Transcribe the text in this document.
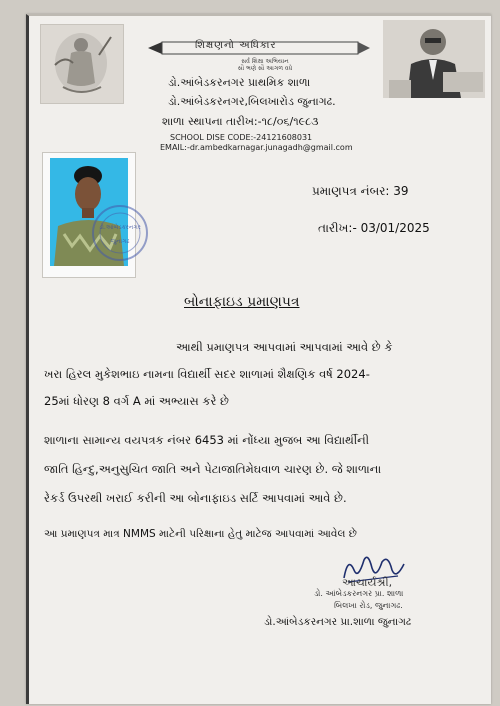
શિક્ષણનો અધિકાર
સર્વ શિક્ષા અભિયાન
સૌ ભણે સૌ આગળ વધે
ડો.આંબેડકરનગર પ્રાથમિક શાળા
ડો.આંબેડકરનગર,બિલખારોડ જુનાગઢ.
શાળા સ્થાપના તારીખ:-૧૮/૦૬/૧૯૮૩
SCHOOL DISE CODE:-24121608031
EMAIL:-dr.ambedkarnagar.junagadh@gmail.com
ડો.આંબેડકરનગર
જુનાગઢ
પ્રમાણપત્ર નંબર: 39
તારીખ:- 03/01/2025
બોનાફાઇડ પ્રમાણપત્ર
આથી પ્રમાણપત્ર આપવામાં આપવામાં આવે છે કે
ખરા હિરલ મુકેશભાઇ નામના વિદ્યાર્થી સદર શાળામાં શૈક્ષણિક વર્ષ 2024-
25માં ધોરણ 8 વર્ગ A માં અભ્યાસ કરે છે
શાળાના સામાન્ય વયપત્રક નંબર 6453 માં નોંધ્યા મુજબ આ વિદ્યાર્થીની
જાતિ હિન્દુ,અનુસુચિત જાતિ અને પેટાજાતિમેઘવાળ ચારણ છે. જે શાળાના
રેકર્ડ ઉપરથી ખરાઈ કરીની આ બોનાફાઇડ સર્ટિ આપવામાં આવે છે.
આ પ્રમાણપત્ર માત્ર NMMS માટેની પરિક્ષાના હેતુ માટેજ આપવામાં આવેલ છે
આચાર્યશ્રી,
ડો. આંબેડકરનગર પ્રા. શાળા
બિલખા રોડ, જુનાગઢ.
ડો.આંબેડકરનગર પ્રા.શાળા જુનાગઢ
